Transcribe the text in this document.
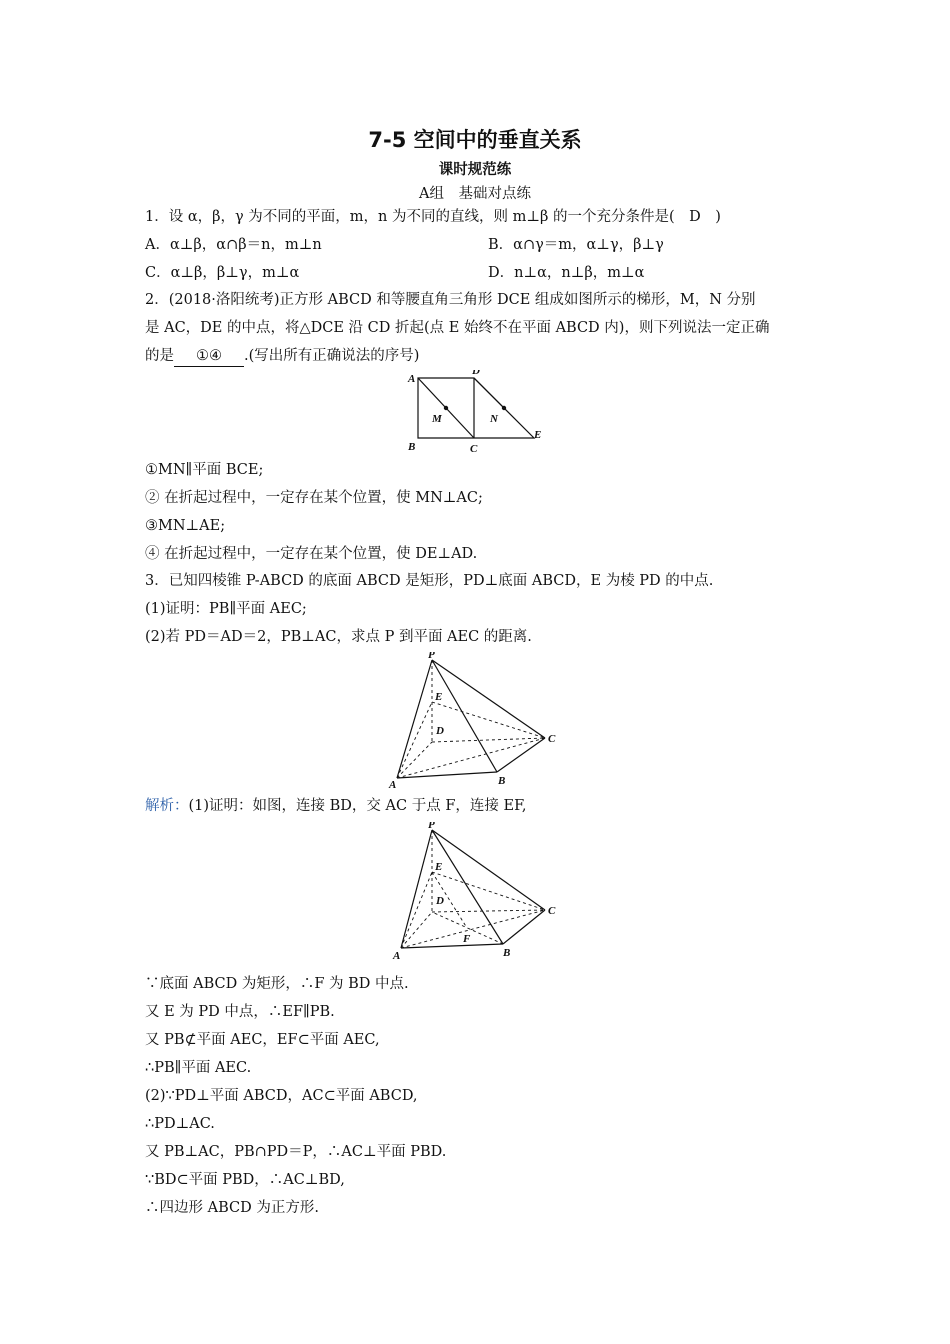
7-5 空间中的垂直关系
课时规范练
A组　基础对点练
1．设 α，β，γ 为不同的平面，m，n 为不同的直线，则 m⊥β 的一个充分条件是(　D　)
A．α⊥β，α∩β＝n，m⊥n	B．α∩γ＝m，α⊥γ，β⊥γ
C．α⊥β，β⊥γ，m⊥α	D．n⊥α，n⊥β，m⊥α
2．(2018·洛阳统考)正方形 ABCD 和等腰直角三角形 DCE 组成如图所示的梯形，M，N 分别
是 AC，DE 的中点，将△DCE 沿 CD 折起(点 E 始终不在平面 ABCD 内)，则下列说法一定正确
的是 ①④ .(写出所有正确说法的序号)
A
D
B	C
E
M	N
①MN∥平面 BCE;
② 在折起过程中，一定存在某个位置，使 MN⊥AC;
③MN⊥AE;
④ 在折起过程中，一定存在某个位置，使 DE⊥AD.
3．已知四棱锥 P-ABCD 的底面 ABCD 是矩形，PD⊥底面 ABCD，E 为棱 PD 的中点.
(1)证明：PB∥平面 AEC;
(2)若 PD＝AD＝2，PB⊥AC，求点 P 到平面 AEC 的距离.
P
E
D
C
A	B
解析：(1)证明：如图，连接 BD，交 AC 于点 F，连接 EF,
P
E
D
C
A	B
F
∵底面 ABCD 为矩形，∴F 为 BD 中点.
又 E 为 PD 中点，∴EF∥PB.
又 PB⊄平面 AEC，EF⊂平面 AEC,
∴PB∥平面 AEC.
(2)∵PD⊥平面 ABCD，AC⊂平面 ABCD,
∴PD⊥AC.
又 PB⊥AC，PB∩PD＝P，∴AC⊥平面 PBD.
∵BD⊂平面 PBD，∴AC⊥BD,
∴四边形 ABCD 为正方形.
